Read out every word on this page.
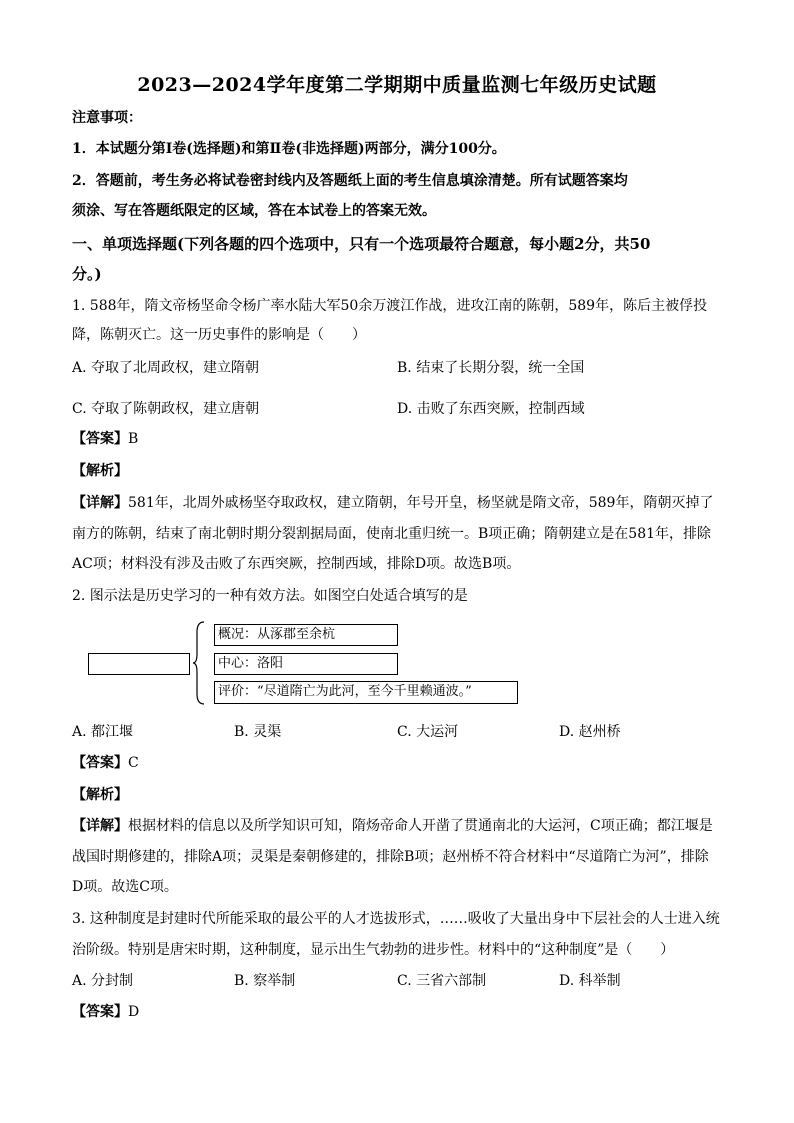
2023—2024学年度第二学期期中质量监测七年级历史试题
注意事项：
1．本试题分第Ⅰ卷(选择题)和第Ⅱ卷(非选择题)两部分，满分100分。
2．答题前，考生务必将试卷密封线内及答题纸上面的考生信息填涂清楚。所有试题答案均
须涂、写在答题纸限定的区域，答在本试卷上的答案无效。
一、单项选择题(下列各题的四个选项中，只有一个选项最符合题意，每小题2分，共50
分。)
1. 588年，隋文帝杨坚命令杨广率水陆大军50余万渡江作战，进攻江南的陈朝，589年，陈后主被俘投
降，陈朝灭亡。这一历史事件的影响是（　　）
A. 夺取了北周政权，建立隋朝	B. 结束了长期分裂，统一全国
C. 夺取了陈朝政权，建立唐朝	D. 击败了东西突厥，控制西域
【答案】B
【解析】
【详解】581年，北周外戚杨坚夺取政权，建立隋朝，年号开皇，杨坚就是隋文帝，589年，隋朝灭掉了
南方的陈朝，结束了南北朝时期分裂割据局面，使南北重归统一。B项正确；隋朝建立是在581年，排除
AC项；材料没有涉及击败了东西突厥，控制西域，排除D项。故选B项。
2. 图示法是历史学习的一种有效方法。如图空白处适合填写的是
概况：从涿郡至余杭
中心：洛阳
评价：“尽道隋亡为此河，至今千里赖通波。”
A. 都江堰	B. 灵渠	C. 大运河	D. 赵州桥
【答案】C
【解析】
【详解】根据材料的信息以及所学知识可知，隋炀帝命人开凿了贯通南北的大运河，C项正确；都江堰是
战国时期修建的，排除A项；灵渠是秦朝修建的，排除B项；赵州桥不符合材料中“尽道隋亡为河”，排除
D项。故选C项。
3. 这种制度是封建时代所能采取的最公平的人才选拔形式，……吸收了大量出身中下层社会的人士进入统
治阶级。特别是唐宋时期，这种制度，显示出生气勃勃的进步性。材料中的“这种制度”是（　　）
A. 分封制	B. 察举制	C. 三省六部制	D. 科举制
【答案】D
